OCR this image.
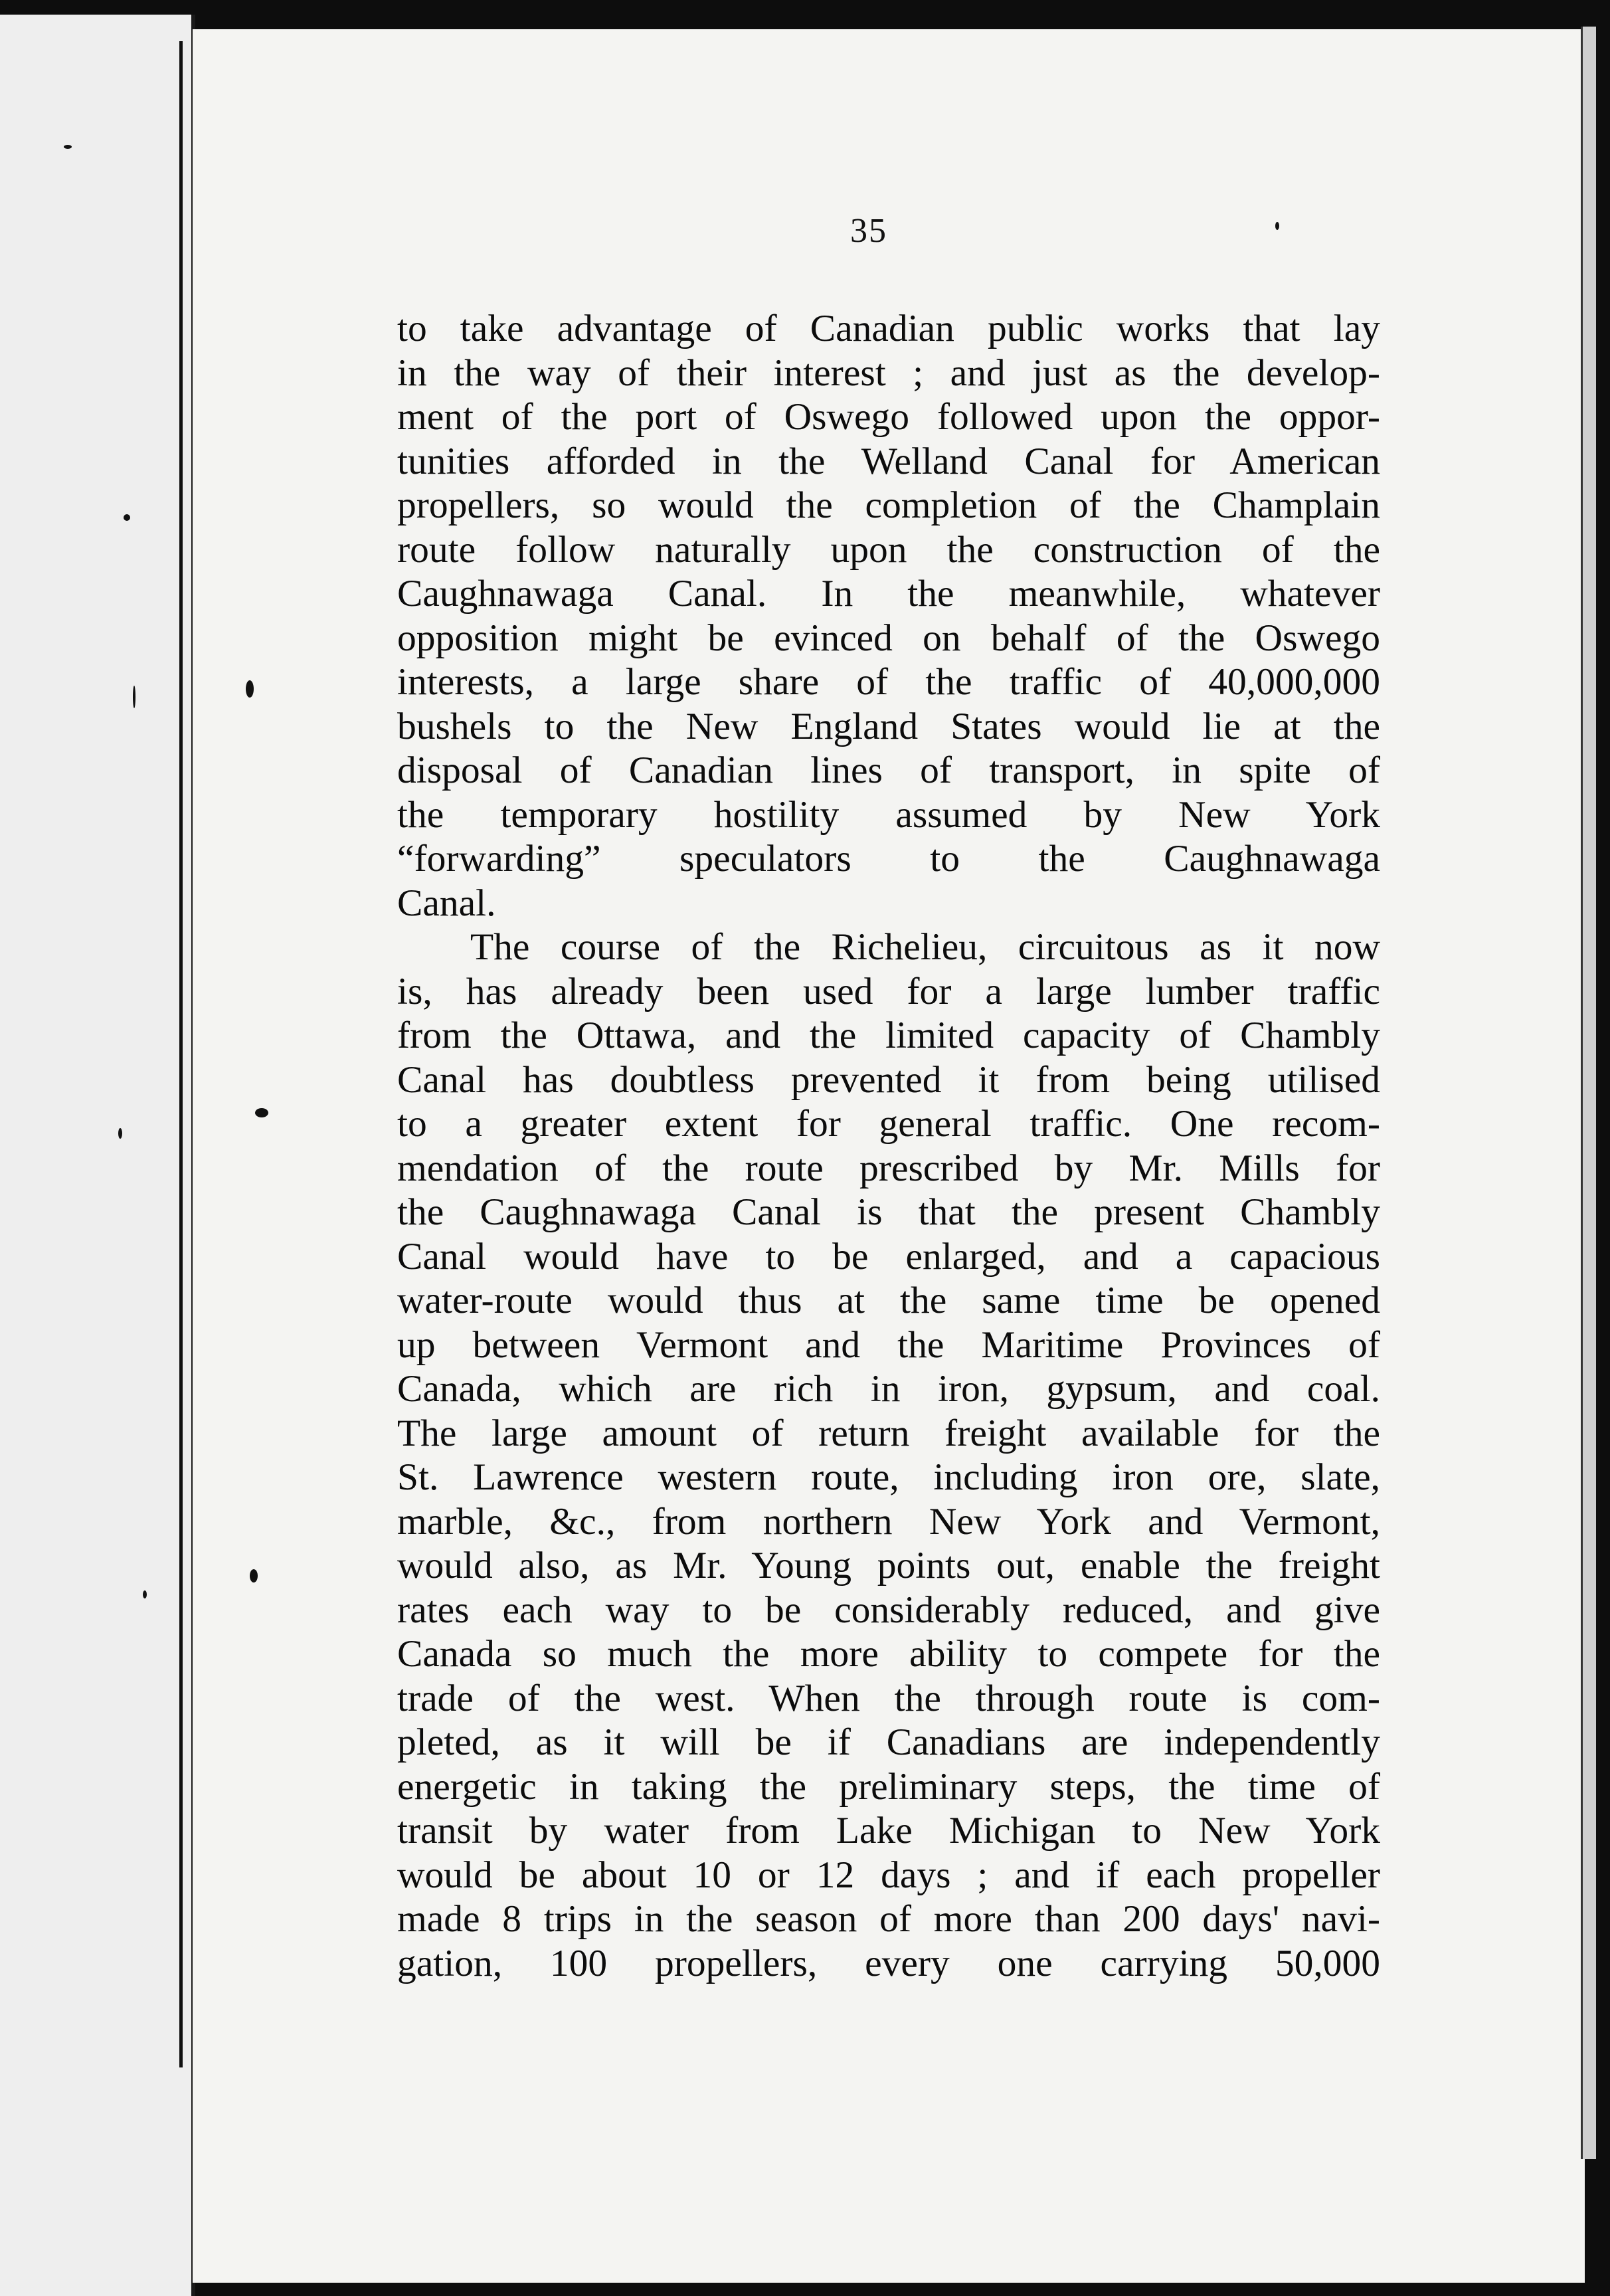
35
to take advantage of Canadian public works that lay
in the way of their interest ; and just as the develop-
ment of the port of Oswego followed upon the oppor-
tunities afforded in the Welland Canal for American
propellers, so would the completion of the Champlain
route follow naturally upon the construction of the
Caughnawaga Canal. In the meanwhile, whatever
opposition might be evinced on behalf of the Oswego
interests, a large share of the traffic of 40,000,000
bushels to the New England States would lie at the
disposal of Canadian lines of transport, in spite of
the temporary hostility assumed by New York
“forwarding” speculators to the Caughnawaga
Canal.
The course of the Richelieu, circuitous as it now
is, has already been used for a large lumber traffic
from the Ottawa, and the limited capacity of Chambly
Canal has doubtless prevented it from being utilised
to a greater extent for general traffic. One recom-
mendation of the route prescribed by Mr. Mills for
the Caughnawaga Canal is that the present Chambly
Canal would have to be enlarged, and a capacious
water-route would thus at the same time be opened
up between Vermont and the Maritime Provinces of
Canada, which are rich in iron, gypsum, and coal.
The large amount of return freight available for the
St. Lawrence western route, including iron ore, slate,
marble, &c., from northern New York and Vermont,
would also, as Mr. Young points out, enable the freight
rates each way to be considerably reduced, and give
Canada so much the more ability to compete for the
trade of the west. When the through route is com-
pleted, as it will be if Canadians are independently
energetic in taking the preliminary steps, the time of
transit by water from Lake Michigan to New York
would be about 10 or 12 days ; and if each propeller
made 8 trips in the season of more than 200 days' navi-
gation, 100 propellers, every one carrying 50,000
